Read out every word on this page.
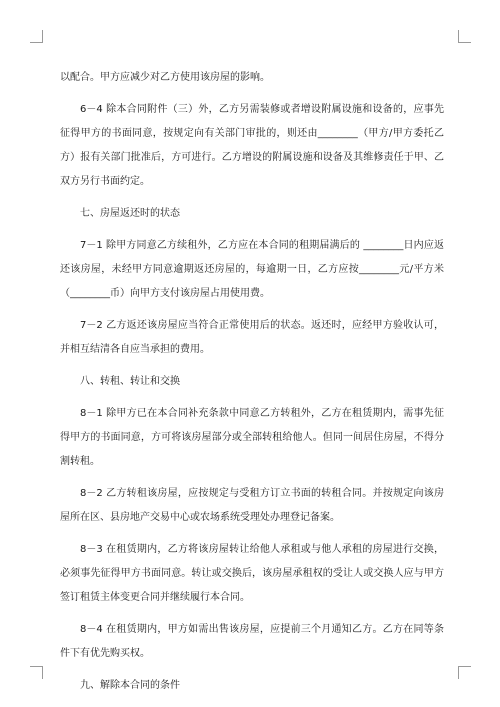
以配合。甲方应减少对乙方使用该房屋的影响。

6－4 除本合同附件（三）外，乙方另需装修或者增设附属设施和设备的，应事先征得甲方的书面同意，按规定向有关部门审批的，则还由________（甲方/甲方委托乙方）报有关部门批准后，方可进行。乙方增设的附属设施和设备及其维修责任于甲、乙双方另行书面约定。

七、房屋返还时的状态

7－1 除甲方同意乙方续租外，乙方应在本合同的租期届满后的 ________日内应返还该房屋，未经甲方同意逾期返还房屋的，每逾期一日，乙方应按________元/平方米（________币）向甲方支付该房屋占用使用费。

7－2 乙方返还该房屋应当符合正常使用后的状态。返还时，应经甲方验收认可，并相互结清各自应当承担的费用。

八、转租、转让和交换

8－1 除甲方已在本合同补充条款中同意乙方转租外，乙方在租赁期内，需事先征得甲方的书面同意，方可将该房屋部分或全部转租给他人。但同一间居住房屋，不得分割转租。

8－2 乙方转租该房屋，应按规定与受租方订立书面的转租合同。并按规定向该房屋所在区、县房地产交易中心或农场系统受理处办理登记备案。

8－3 在租赁期内，乙方将该房屋转让给他人承租或与他人承租的房屋进行交换，必须事先征得甲方书面同意。转让或交换后，该房屋承租权的受让人或交换人应与甲方签订租赁主体变更合同并继续履行本合同。

8－4 在租赁期内，甲方如需出售该房屋，应提前三个月通知乙方。乙方在同等条件下有优先购买权。

九、解除本合同的条件
